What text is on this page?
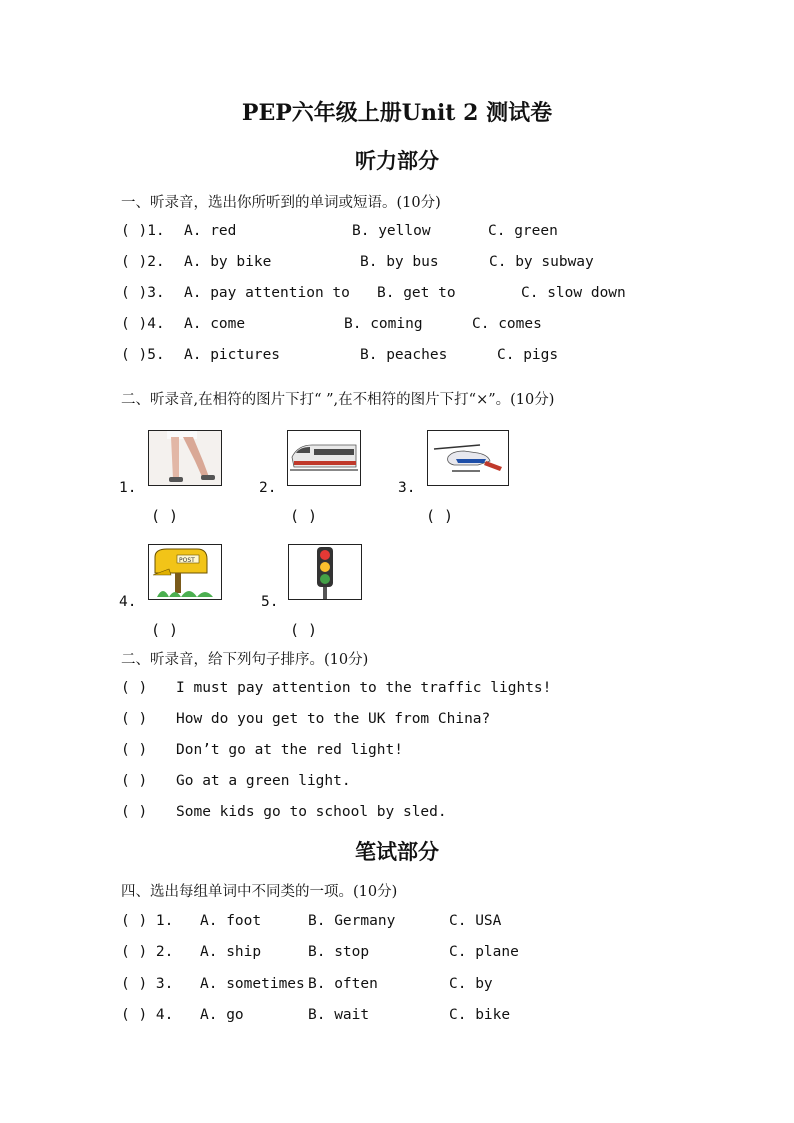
PEP六年级上册Unit 2 测试卷
听力部分
一、听录音，选出你所听到的单词或短语。(10分)
( )1. A. red	B. yellow	C. green
( )2. A. by bike	B. by bus	C. by subway
( )3. A. pay attention to B. get to	C. slow down
( )4. A. come	B. coming	C. comes
( )5. A. pictures	B. peaches	C. pigs
二、听录音,在相符的图片下打“ ”,在不相符的图片下打“×”。(10分)
1.
( )
2.
( )
3.
( )
4.
POST
( )
5.
( )
二、听录音，给下列句子排序。(10分)
( ) I must pay attention to the traffic lights!
( ) How do you get to the UK from China?
( ) Don’t go at the red light!
( ) Go at a green light.
( ) Some kids go to school by sled.
笔试部分
四、选出每组单词中不同类的一项。(10分)
( ) 1. A. foot	B. Germany	C. USA
( ) 2. A. ship	B. stop	C. plane
( ) 3. A. sometimes B. often	C. by
( ) 4. A. go	B. wait	C. bike
